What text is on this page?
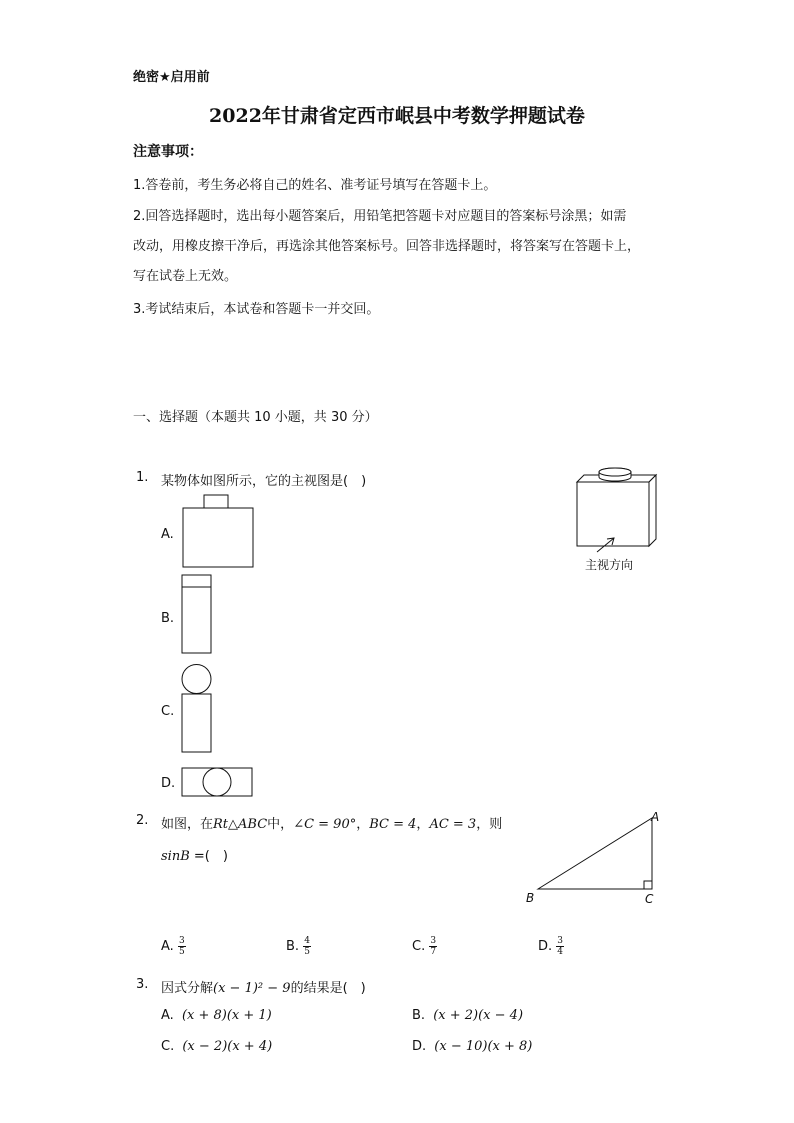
绝密★启用前
2022年甘肃省定西市岷县中考数学押题试卷
注意事项：
1.答卷前，考生务必将自己的姓名、准考证号填写在答题卡上。
2.回答选择题时，选出每小题答案后，用铅笔把答题卡对应题目的答案标号涂黑；如需
改动，用橡皮擦干净后，再选涂其他答案标号。回答非选择题时，将答案写在答题卡上，
写在试卷上无效。
3.考试结束后，本试卷和答题卡一并交回。
一、选择题（本题共 10 小题，共 30 分）
1. 某物体如图所示，它的主视图是(　)
A.
B.
C.
D.
主视方向
2. 如图，在Rt△ABC中，∠C = 90°，BC = 4，AC = 3，则
sinB =(　)
A
B	C
A. $\frac{3}{5}$	B. $\frac{4}{5}$	C. $\frac{3}{7}$	D. $\frac{3}{4}$
3. 因式分解(x − 1)² − 9的结果是(　)
A. (x + 8)(x + 1)	B. (x + 2)(x − 4)
C. (x − 2)(x + 4)	D. (x − 10)(x + 8)
